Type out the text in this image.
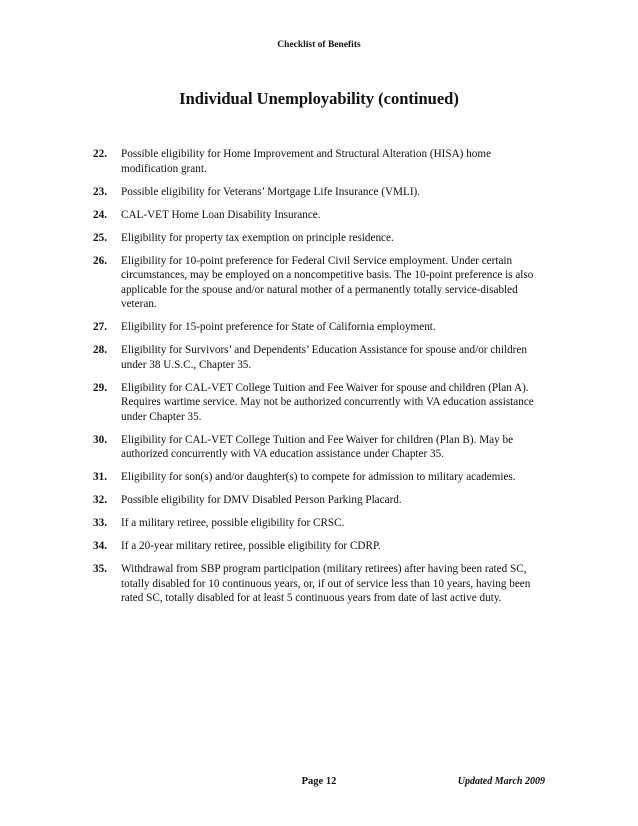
Checklist of Benefits
Individual Unemployability (continued)
22.	Possible eligibility for Home Improvement and Structural Alteration (HISA) home modification grant.
23.	Possible eligibility for Veterans’ Mortgage Life Insurance (VMLI).
24.	CAL-VET Home Loan Disability Insurance.
25.	Eligibility for property tax exemption on principle residence.
26.	Eligibility for 10-point preference for Federal Civil Service employment. Under certain circumstances, may be employed on a noncompetitive basis. The 10-point preference is also applicable for the spouse and/or natural mother of a permanently totally service-disabled veteran.
27.	Eligibility for 15-point preference for State of California employment.
28.	Eligibility for Survivors’ and Dependents’ Education Assistance for spouse and/or children under 38 U.S.C., Chapter 35.
29.	Eligibility for CAL-VET College Tuition and Fee Waiver for spouse and children (Plan A). Requires wartime service. May not be authorized concurrently with VA education assistance under Chapter 35.
30.	Eligibility for CAL-VET College Tuition and Fee Waiver for children (Plan B). May be authorized concurrently with VA education assistance under Chapter 35.
31.	Eligibility for son(s) and/or daughter(s) to compete for admission to military academies.
32.	Possible eligibility for DMV Disabled Person Parking Placard.
33.	If a military retiree, possible eligibility for CRSC.
34.	If a 20-year military retiree, possible eligibility for CDRP.
35.	Withdrawal from SBP program participation (military retirees) after having been rated SC, totally disabled for 10 continuous years, or, if out of service less than 10 years, having been rated SC, totally disabled for at least 5 continuous years from date of last active duty.
Page 12	Updated March 2009
